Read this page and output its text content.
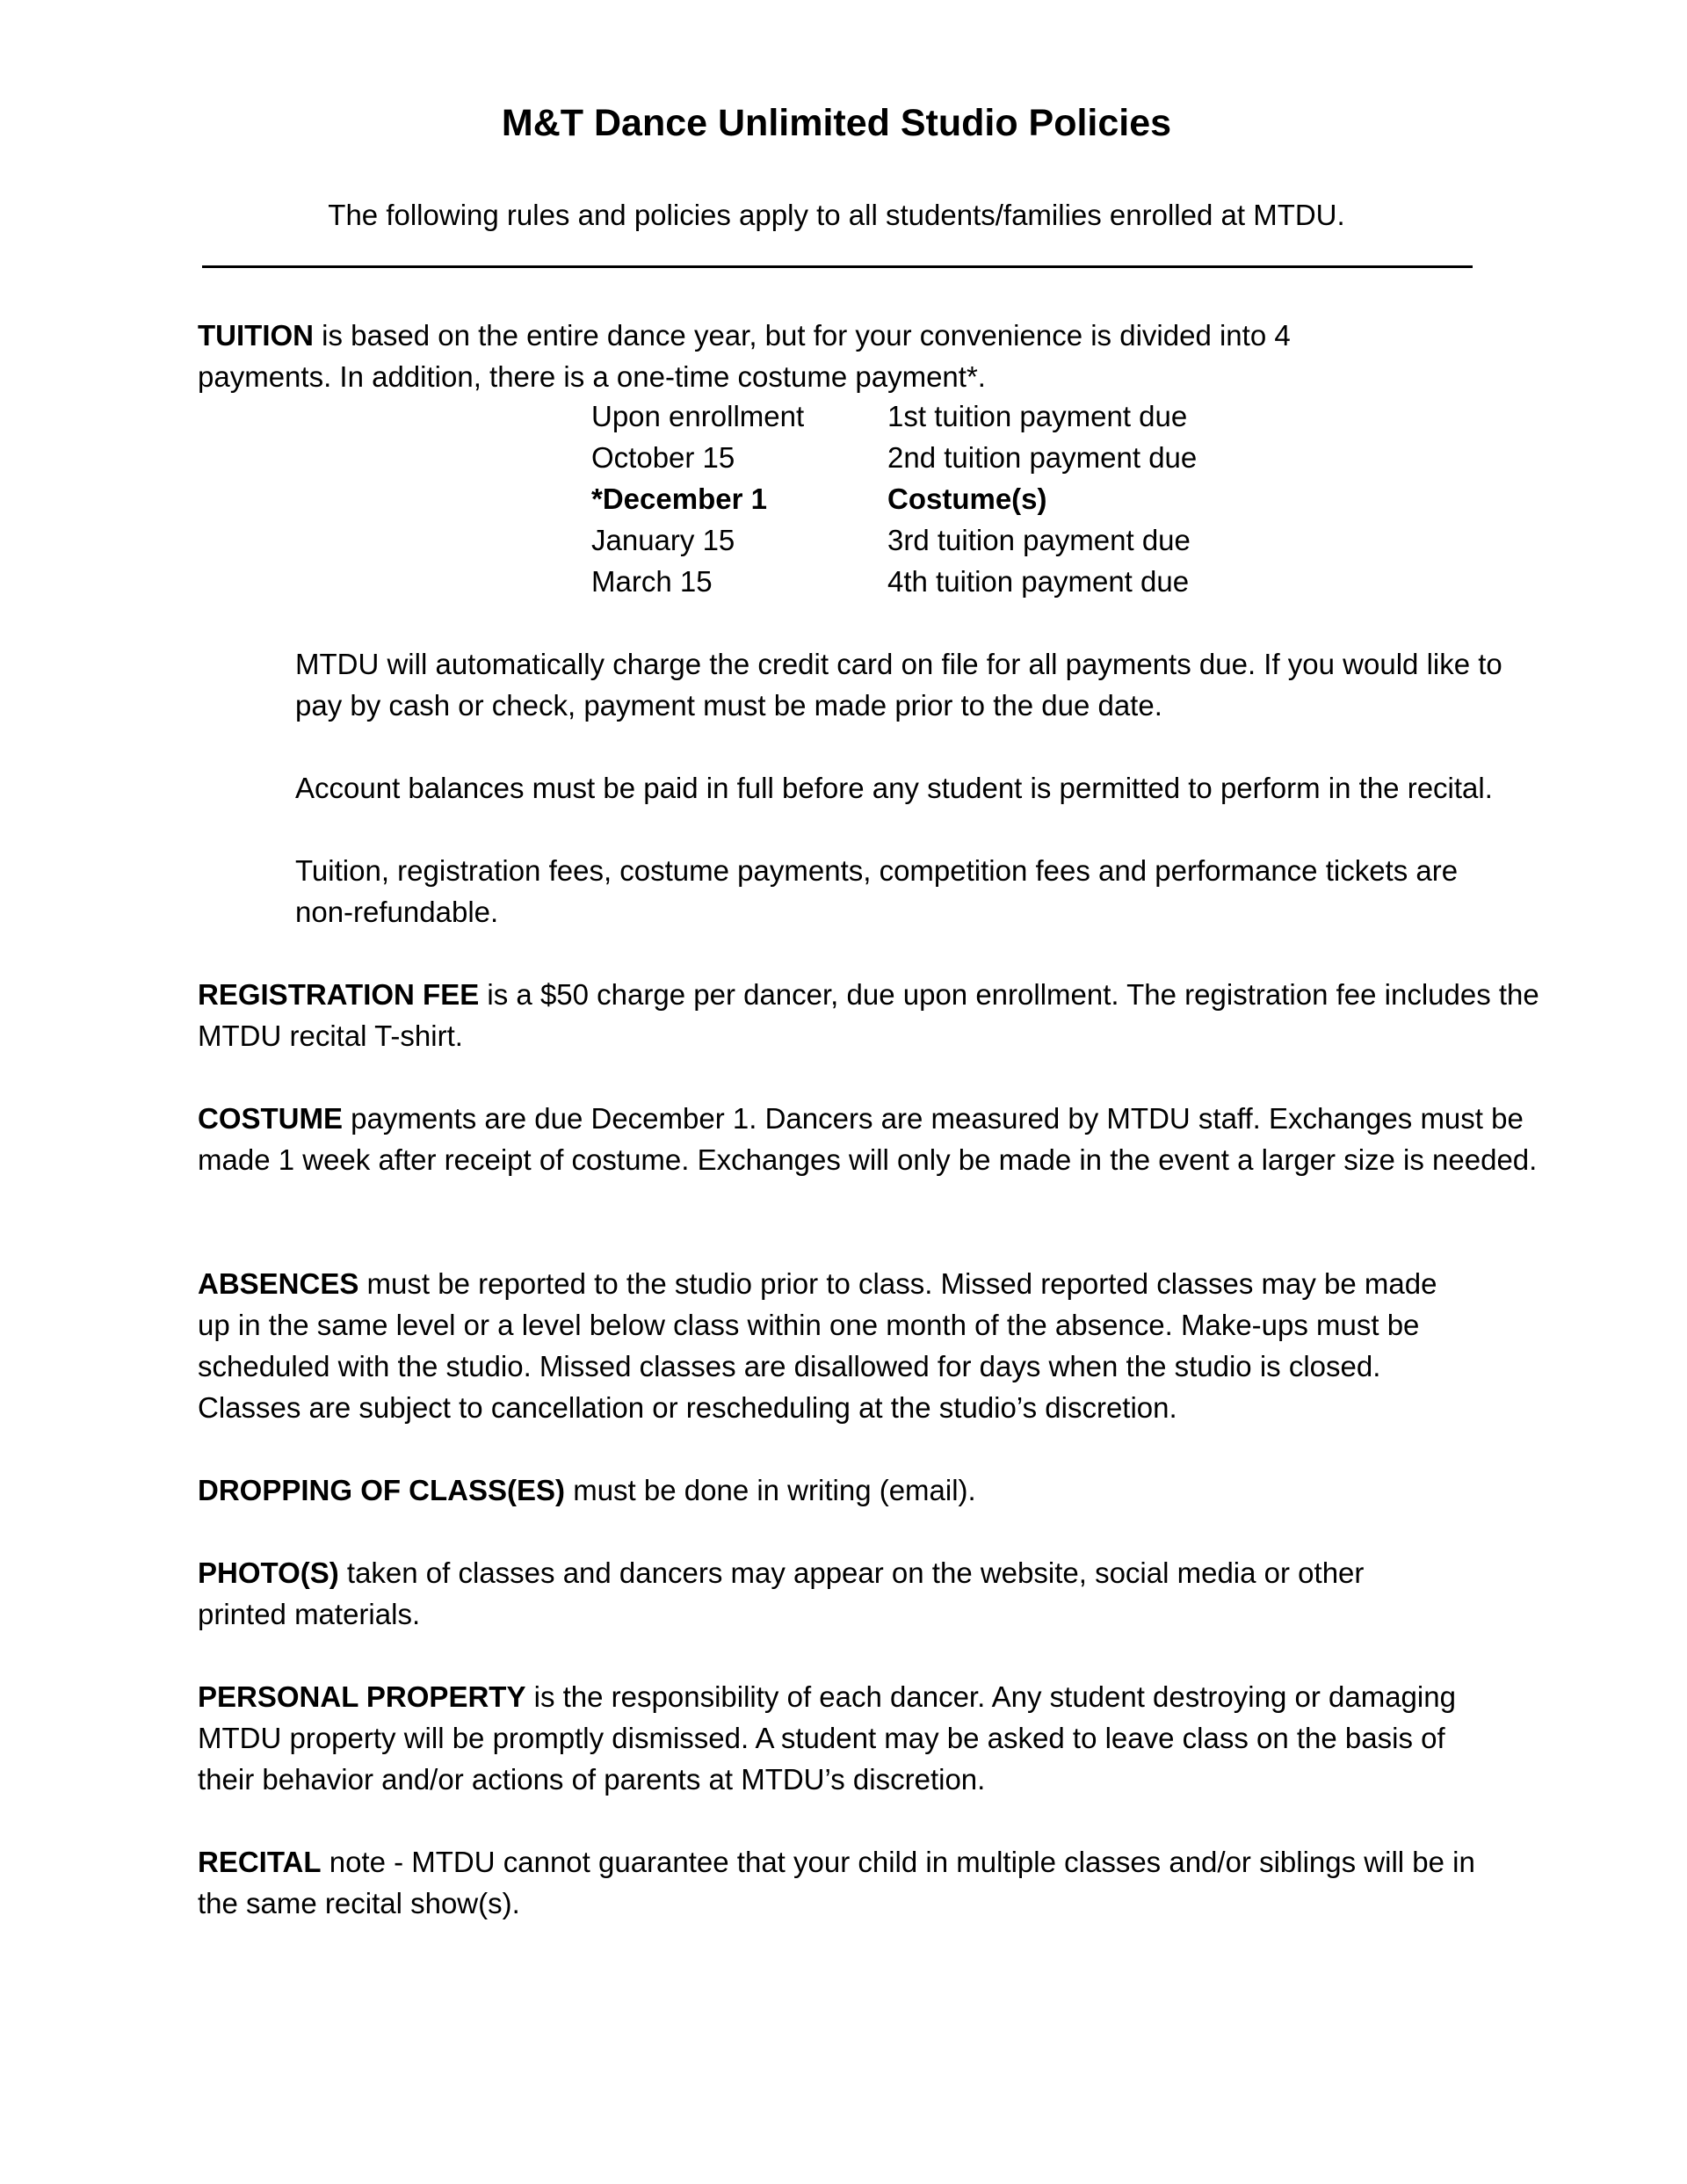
M&T Dance Unlimited Studio Policies
The following rules and policies apply to all students/families enrolled at MTDU.

TUITION is based on the entire dance year, but for your convenience is divided into 4 payments. In addition, there is a one-time costume payment*.

Upon enrollment	1st tuition payment due
October 15	2nd tuition payment due
*December 1	Costume(s)
January 15	3rd tuition payment due
March 15	4th tuition payment due

MTDU will automatically charge the credit card on file for all payments due. If you would like to pay by cash or check, payment must be made prior to the due date.

Account balances must be paid in full before any student is permitted to perform in the recital.

Tuition, registration fees, costume payments, competition fees and performance tickets are non-refundable.

REGISTRATION FEE is a $50 charge per dancer, due upon enrollment. The registration fee includes the MTDU recital T-shirt.

COSTUME payments are due December 1. Dancers are measured by MTDU staff. Exchanges must be made 1 week after receipt of costume. Exchanges will only be made in the event a larger size is needed.

ABSENCES must be reported to the studio prior to class. Missed reported classes may be made up in the same level or a level below class within one month of the absence. Make-ups must be scheduled with the studio. Missed classes are disallowed for days when the studio is closed. Classes are subject to cancellation or rescheduling at the studio’s discretion.

DROPPING OF CLASS(ES) must be done in writing (email).

PHOTO(S) taken of classes and dancers may appear on the website, social media or other printed materials.

PERSONAL PROPERTY is the responsibility of each dancer. Any student destroying or damaging MTDU property will be promptly dismissed. A student may be asked to leave class on the basis of their behavior and/or actions of parents at MTDU’s discretion.

RECITAL note - MTDU cannot guarantee that your child in multiple classes and/or siblings will be in the same recital show(s).
